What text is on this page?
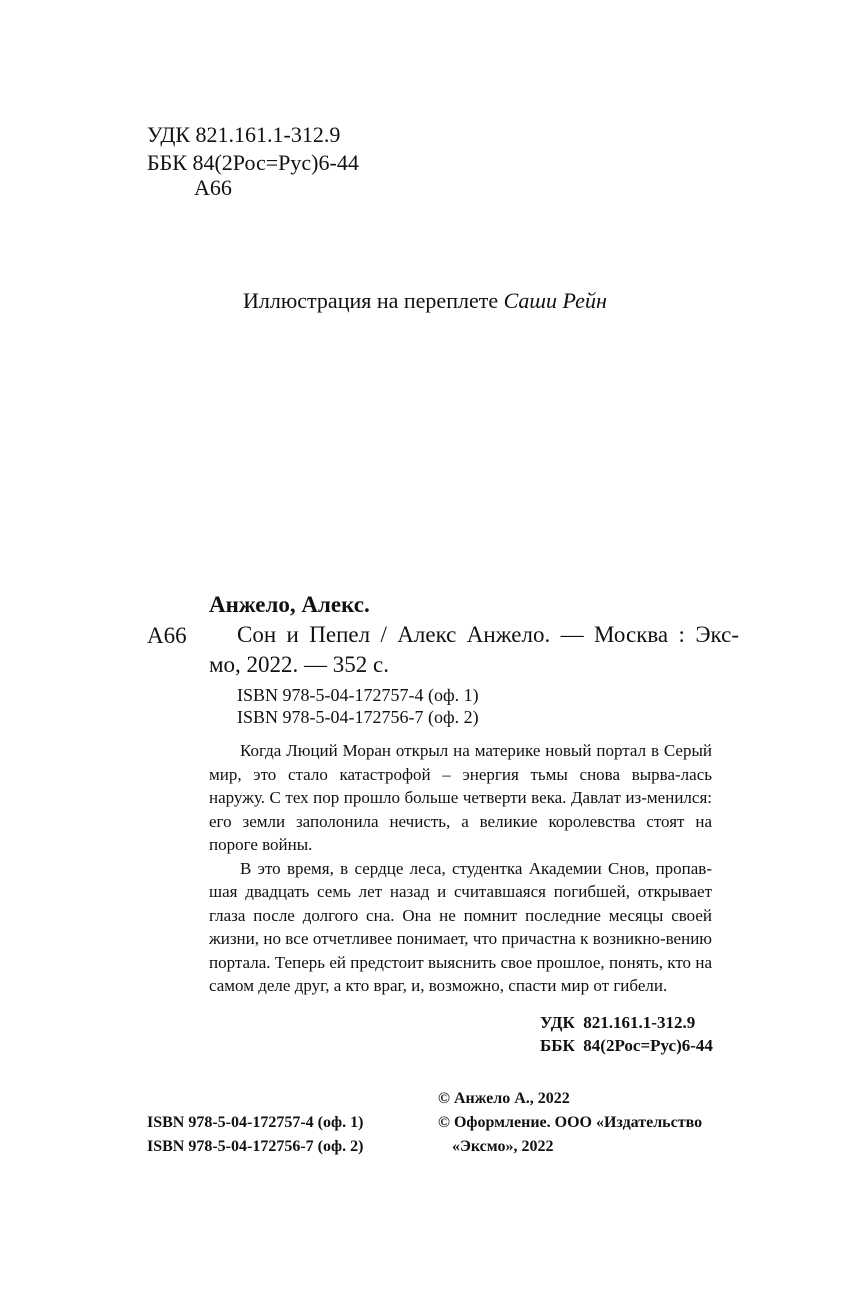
УДК 821.161.1-312.9
ББК 84(2Рос=Рус)6-44
А66
Иллюстрация на переплете Саши Рейн
Анжело, Алекс.
А66 Сон и Пепел / Алекс Анжело. — Москва : Экс-
мо, 2022. — 352 с.
ISBN 978-5-04-172757-4 (оф. 1)
ISBN 978-5-04-172756-7 (оф. 2)

Когда Люций Моран открыл на материке новый портал в Серый мир, это стало катастрофой – энергия тьмы снова вырва-лась наружу. С тех пор прошло больше четверти века. Давлат из-менился: его земли заполонила нечисть, а великие королевства стоят на пороге войны.

В это время, в сердце леса, студентка Академии Снов, пропав-шая двадцать семь лет назад и считавшаяся погибшей, открывает глаза после долгого сна. Она не помнит последние месяцы своей жизни, но все отчетливее понимает, что причастна к возникно-вению портала. Теперь ей предстоит выяснить свое прошлое, понять, кто на самом деле друг, а кто враг, и, возможно, спасти мир от гибели.

УДК  821.161.1-312.9
ББК  84(2Рос=Рус)6-44
ISBN 978-5-04-172757-4 (оф. 1)
ISBN 978-5-04-172756-7 (оф. 2)
© Анжело А., 2022
© Оформление. ООО «Издательство
«Эксмо», 2022
